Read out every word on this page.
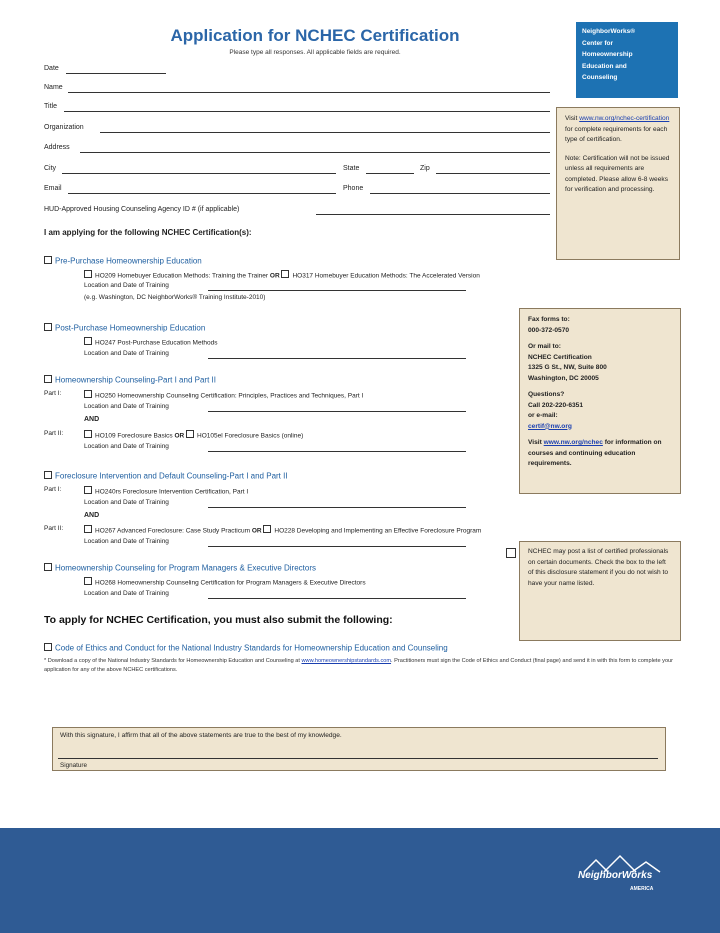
Application for NCHEC Certification
Please type all responses. All applicable fields are required.
NeighborWorks®
Center for
Homeownership
Education and
Counseling
Date
Name
Title
Organization
Address
City	State	Zip
Email	Phone
HUD-Approved Housing Counseling Agency ID # (if applicable)
Visit www.nw.org/nchec-certification for complete requirements for each type of certification.
Note: Certification will not be issued unless all requirements are completed. Please allow 6-8 weeks for verification and processing.
I am applying for the following NCHEC Certification(s):
Pre-Purchase Homeownership Education
HO209 Homebuyer Education Methods: Training the Trainer OR HO317 Homebuyer Education Methods: The Accelerated Version
Location and Date of Training
(e.g. Washington, DC NeighborWorks® Training Institute-2010)
Post-Purchase Homeownership Education
HO247 Post-Purchase Education Methods
Location and Date of Training
Homeownership Counseling-Part I and Part II
Part I:	HO250 Homeownership Counseling Certification: Principles, Practices and Techniques, Part I
Location and Date of Training
AND
Part II:	HO109 Foreclosure Basics OR HO105el Foreclosure Basics (online)
Location and Date of Training
Foreclosure Intervention and Default Counseling-Part I and Part II
Part I:	HO240rs Foreclosure Intervention Certification, Part I
Location and Date of Training
AND
Part II:	HO267 Advanced Foreclosure: Case Study Practicum OR HO228 Developing and Implementing an Effective Foreclosure Program
Location and Date of Training
Homeownership Counseling for Program Managers & Executive Directors
HO268 Homeownership Counseling Certification for Program Managers & Executive Directors
Location and Date of Training
Fax forms to:
000-372-0570
Or mail to:
NCHEC Certification
1325 G St., NW, Suite 800
Washington, DC 20005
Questions?
Call 202-220-6351
or e-mail:
certif@nw.org
Visit www.nw.org/nchec for information on courses and continuing education requirements.
NCHEC may post a list of certified professionals on certain documents. Check the box to the left of this disclosure statement if you do not wish to have your name listed.
To apply for NCHEC Certification, you must also submit the following:
Code of Ethics and Conduct for the National Industry Standards for Homeownership Education and Counseling
* Download a copy of the National Industry Standards for Homeownership Education and Counseling at www.homeownershipstandards.com. Practitioners must sign the Code of Ethics and Conduct (final page) and send it in with this form to complete your application for any of the above NCHEC certifications.
With this signature, I affirm that all of the above statements are true to the best of my knowledge.
Signature
NeighborWorks
AMERICA
